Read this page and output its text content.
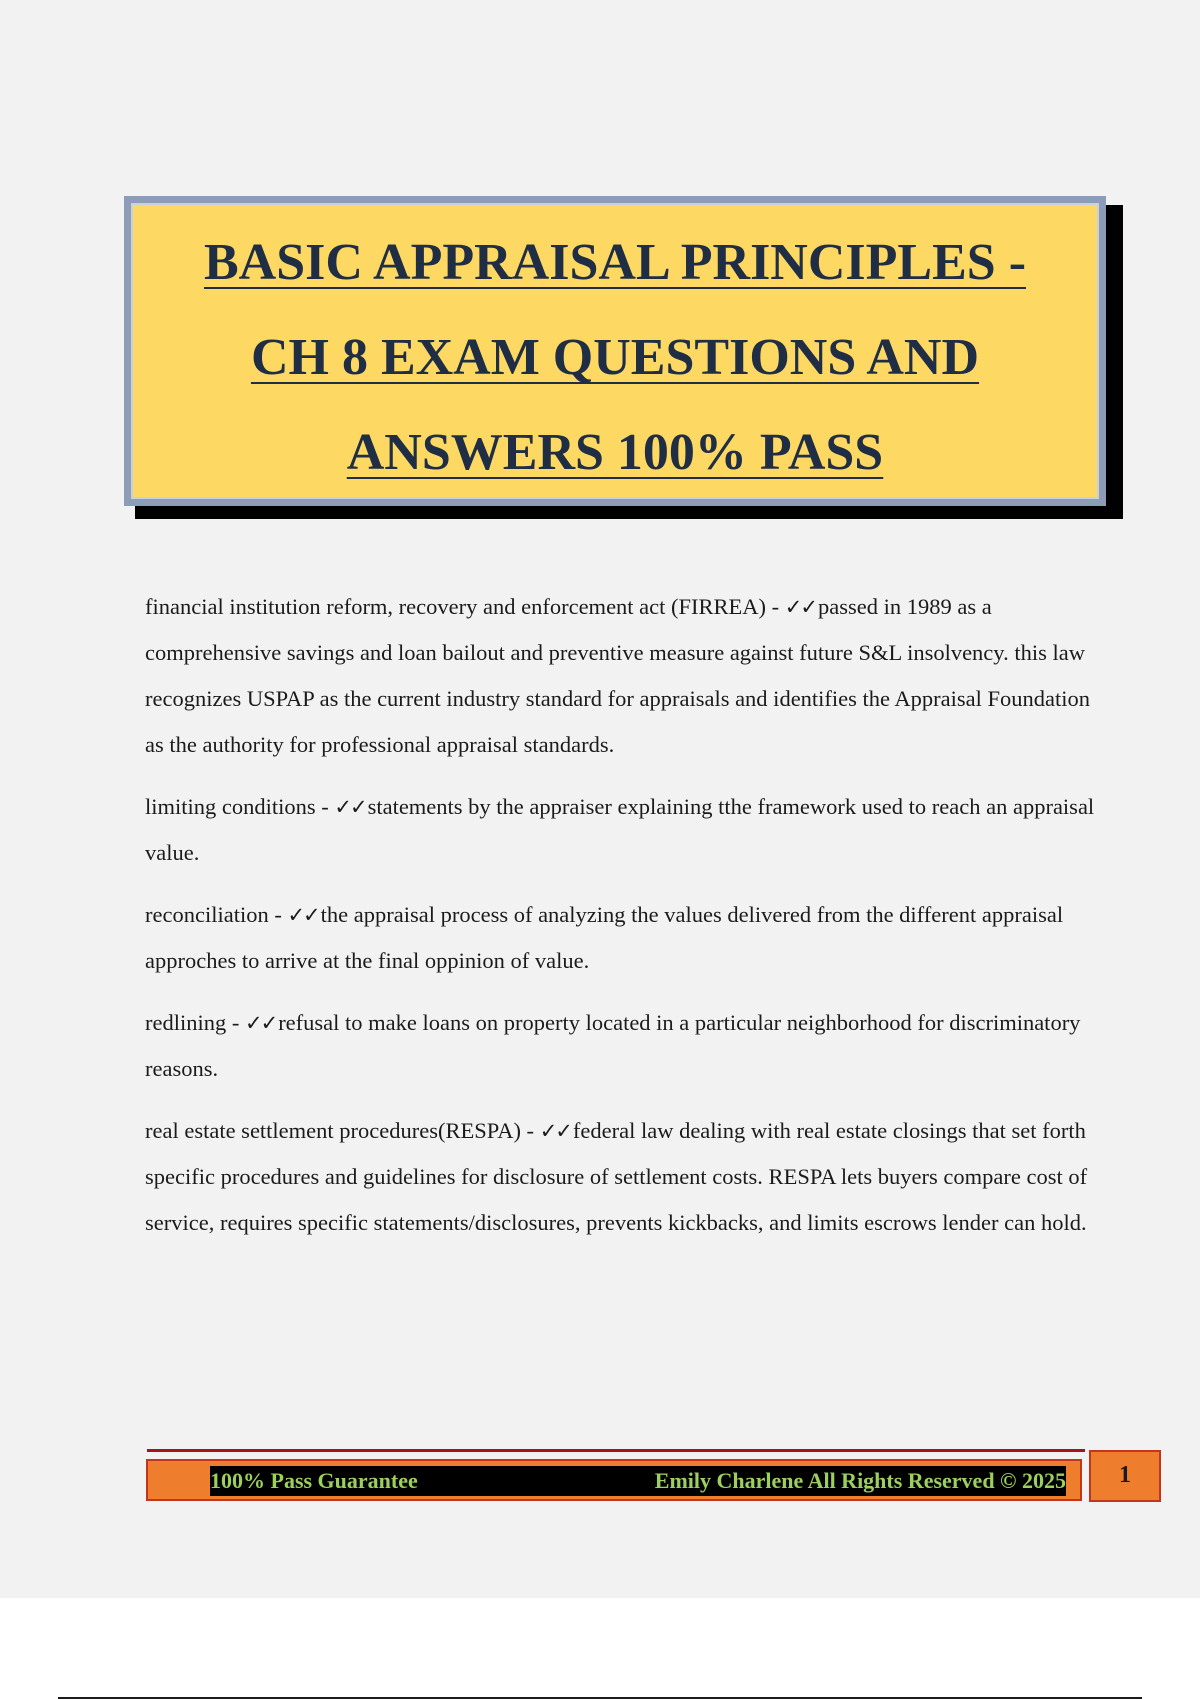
BASIC APPRAISAL PRINCIPLES -
CH 8 EXAM QUESTIONS AND
ANSWERS 100% PASS

financial institution reform, recovery and enforcement act (FIRREA) - ✓✓passed in 1989 as a comprehensive savings and loan bailout and preventive measure against future S&L insolvency. this law recognizes USPAP as the current industry standard for appraisals and identifies the Appraisal Foundation as the authority for professional appraisal standards.

limiting conditions - ✓✓statements by the appraiser explaining tthe framework used to reach an appraisal value.

reconciliation - ✓✓the appraisal process of analyzing the values delivered from the different appraisal approches to arrive at the final oppinion of value.

redlining - ✓✓refusal to make loans on property located in a particular neighborhood for discriminatory reasons.

real estate settlement procedures(RESPA) - ✓✓federal law dealing with real estate closings that set forth specific procedures and guidelines for disclosure of settlement costs. RESPA lets buyers compare cost of service, requires specific statements/disclosures, prevents kickbacks, and limits escrows lender can hold.

100% Pass Guarantee	Emily Charlene All Rights Reserved © 2025	1
